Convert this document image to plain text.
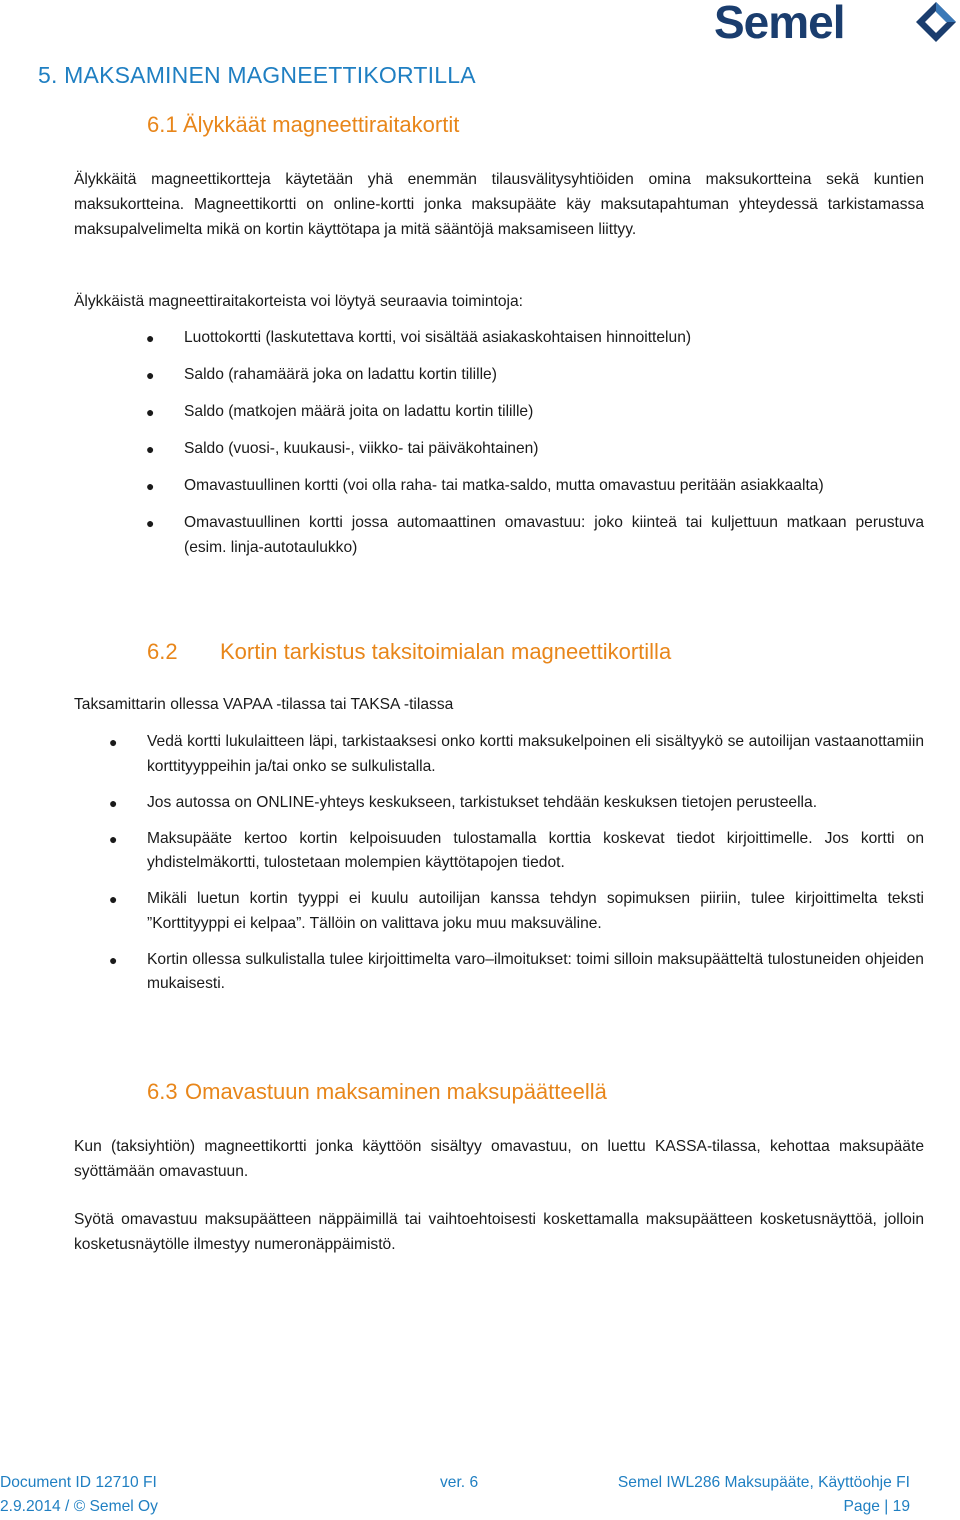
Semel
5. MAKSAMINEN MAGNEETTIKORTILLA
6.1 Älykkäät magneettiraitakortit

Älykkäitä magneettikortteja käytetään yhä enemmän tilausvälitysyhtiöiden omina maksukortteina sekä kuntien maksukortteina. Magneettikortti on online-kortti jonka maksupääte käy maksutapahtuman yhteydessä tarkistamassa maksupalvelimelta mikä on kortin käyttötapa ja mitä sääntöjä maksamiseen liittyy.

Älykkäistä magneettiraitakorteista voi löytyä seuraavia toimintoja:

● Luottokortti (laskutettava kortti, voi sisältää asiakaskohtaisen hinnoittelun)
● Saldo (rahamäärä joka on ladattu kortin tilille)
● Saldo (matkojen määrä joita on ladattu kortin tilille)
● Saldo (vuosi-, kuukausi-, viikko- tai päiväkohtainen)
● Omavastuullinen kortti (voi olla raha- tai matka-saldo, mutta omavastuu peritään asiakkaalta)
● Omavastuullinen kortti jossa automaattinen omavastuu: joko kiinteä tai kuljettuun matkaan perustuva (esim. linja-autotaulukko)
6.2 Kortin tarkistus taksitoimialan magneettikortilla

Taksamittarin ollessa VAPAA -tilassa tai TAKSA -tilassa

● Vedä kortti lukulaitteen läpi, tarkistaaksesi onko kortti maksukelpoinen eli sisältyykö se autoilijan vastaanottamiin korttityyppeihin ja/tai onko se sulkulistalla.
● Jos autossa on ONLINE-yhteys keskukseen, tarkistukset tehdään keskuksen tietojen perusteella.
● Maksupääte kertoo kortin kelpoisuuden tulostamalla korttia koskevat tiedot kirjoittimelle. Jos kortti on yhdistelmäkortti, tulostetaan molempien käyttötapojen tiedot.
● Mikäli luetun kortin tyyppi ei kuulu autoilijan kanssa tehdyn sopimuksen piiriin, tulee kirjoittimelta teksti ”Korttityyppi ei kelpaa”. Tällöin on valittava joku muu maksuväline.
● Kortin ollessa sulkulistalla tulee kirjoittimelta varo–ilmoitukset: toimi silloin maksupäätteltä tulostuneiden ohjeiden mukaisesti.
6.3 Omavastuun maksaminen maksupäätteellä

Kun (taksiyhtiön) magneettikortti jonka käyttöön sisältyy omavastuu, on luettu KASSA-tilassa, kehottaa maksupääte syöttämään omavastuun.

Syötä omavastuu maksupäätteen näppäimillä tai vaihtoehtoisesti koskettamalla maksupäätteen kosketusnäyttöä, jolloin kosketusnäytölle ilmestyy numeronäppäimistö.

Document ID 12710 FI	ver. 6	Semel IWL286 Maksupääte, Käyttöohje FI
2.9.2014 / © Semel Oy	Page | 19
